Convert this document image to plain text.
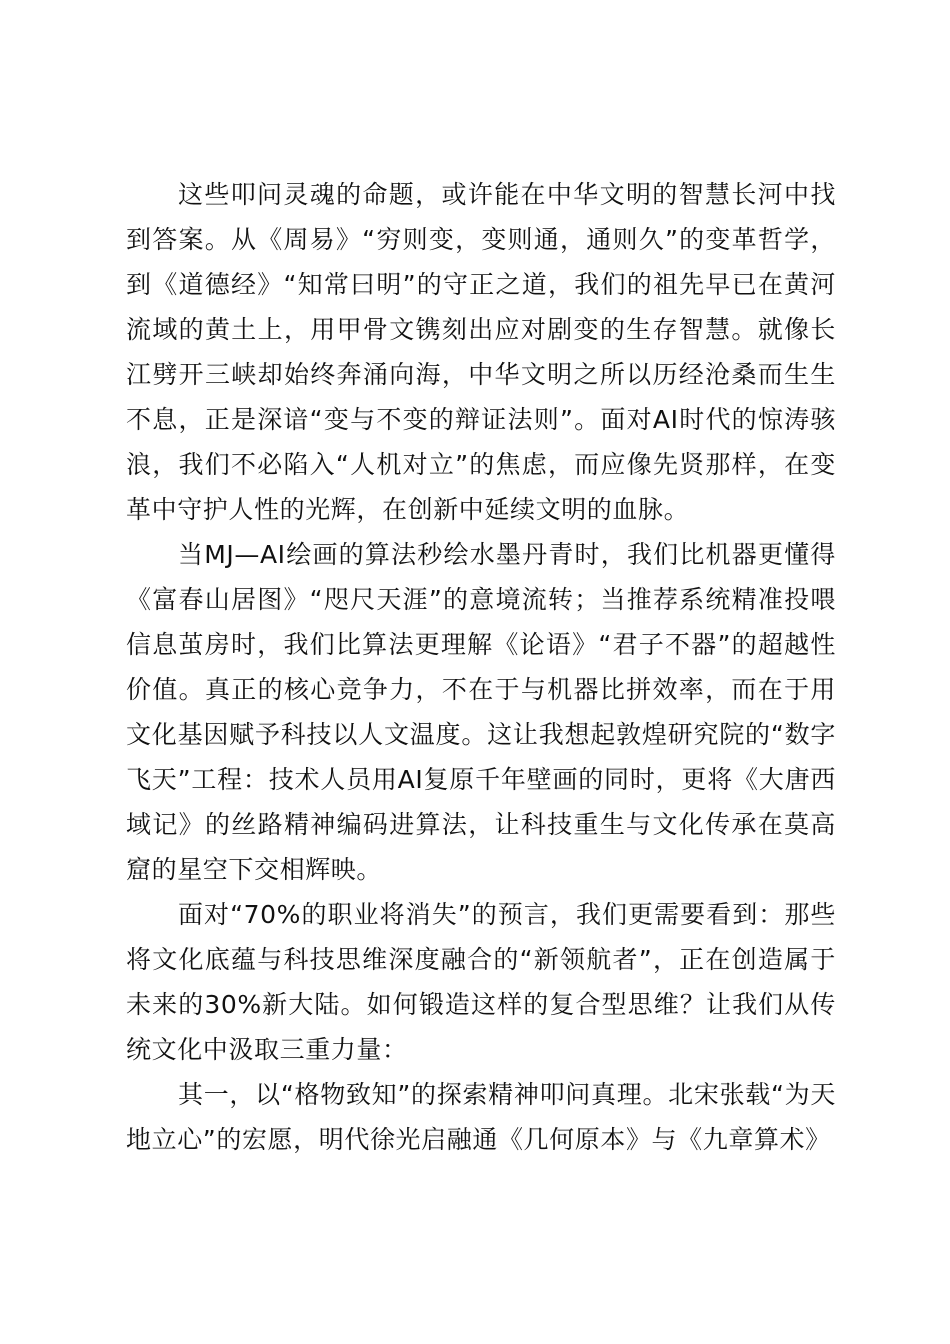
这些叩问灵魂的命题，或许能在中华文明的智慧长河中找到答案。从《周易》“穷则变，变则通，通则久”的变革哲学，到《道德经》“知常曰明”的守正之道，我们的祖先早已在黄河流域的黄土上，用甲骨文镌刻出应对剧变的生存智慧。就像长江劈开三峡却始终奔涌向海，中华文明之所以历经沧桑而生生不息，正是深谙“变与不变的辩证法则”。面对AI时代的惊涛骇浪，我们不必陷入“人机对立”的焦虑，而应像先贤那样，在变革中守护人性的光辉，在创新中延续文明的血脉。

当MJ—AI绘画的算法秒绘水墨丹青时，我们比机器更懂得《富春山居图》“咫尺天涯”的意境流转；当推荐系统精准投喂信息茧房时，我们比算法更理解《论语》“君子不器”的超越性价值。真正的核心竞争力，不在于与机器比拼效率，而在于用文化基因赋予科技以人文温度。这让我想起敦煌研究院的“数字飞天”工程：技术人员用AI复原千年壁画的同时，更将《大唐西域记》的丝路精神编码进算法，让科技重生与文化传承在莫高窟的星空下交相辉映。

面对“70%的职业将消失”的预言，我们更需要看到：那些将文化底蕴与科技思维深度融合的“新领航者”，正在创造属于未来的30%新大陆。如何锻造这样的复合型思维？让我们从传统文化中汲取三重力量：

其一，以“格物致知”的探索精神叩问真理。北宋张载“为天地立心”的宏愿，明代徐光启融通《几何原本》与《九章算术》
